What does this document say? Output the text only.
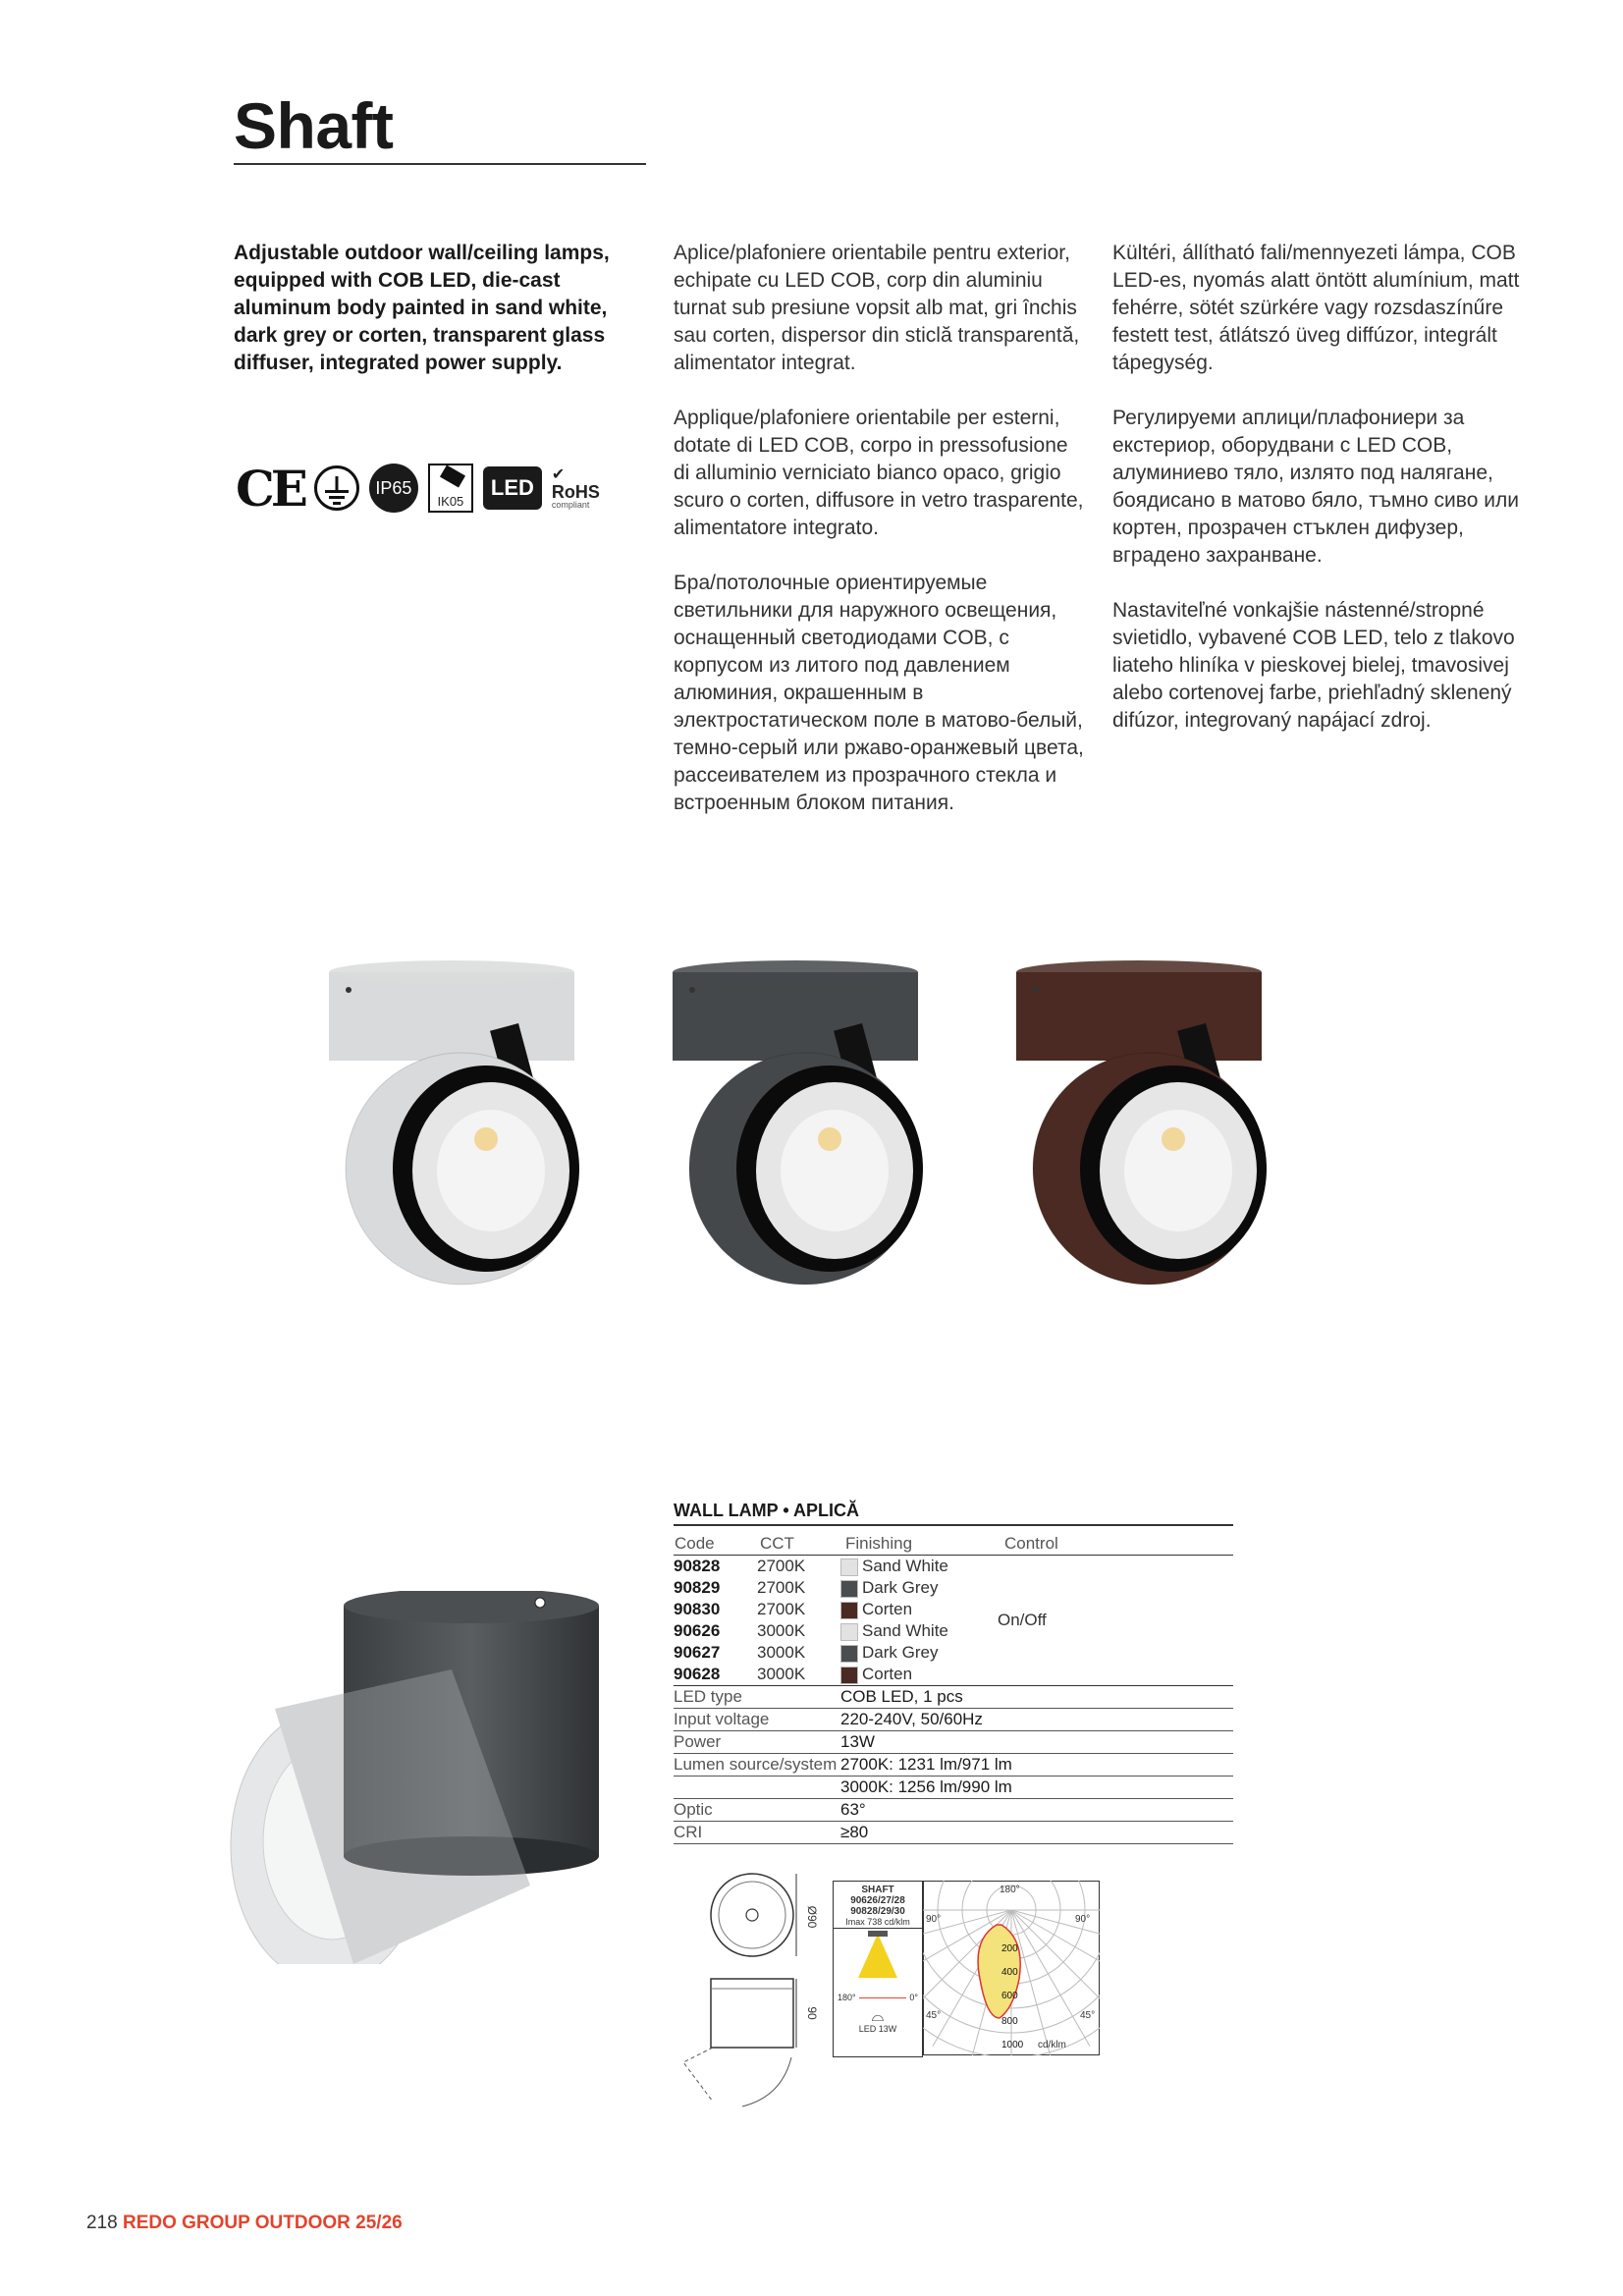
Shaft
Adjustable outdoor wall/ceiling lamps, equipped with COB LED, die-cast aluminum body painted in sand white, dark grey or corten, transparent glass diffuser, integrated power supply.

Aplice/plafoniere orientabile pentru exterior, echipate cu LED COB, corp din aluminiu turnat sub presiune vopsit alb mat, gri închis sau corten, dispersor din sticlă transparentă, alimentator integrat.

Applique/plafoniere orientabile per esterni, dotate di LED COB, corpo in pressofusione di alluminio verniciato bianco opaco, grigio scuro o corten, diffusore in vetro trasparente, alimentatore integrato.

Бра/потолочные ориентируемые светильники для наружного освещения, оснащенный светодиодами COB, с корпусом из литого под давлением алюминия, окрашенным в электростатическом поле в матово-белый, темно-серый или ржаво-оранжевый цвета, рассеивателем из прозрачного стекла и встроенным блоком питания.

Kültéri, állítható fali/mennyezeti lámpa, COB LED-es, nyomás alatt öntött alumínium, matt fehérre, sötét szürkére vagy rozsdaszínűre festett test, átlátszó üveg diffúzor, integrált tápegység.

Регулируеми аплици/плафониери за екстериор, оборудвани с LED COB, алуминиево тяло, излято под налягане, боядисано в матово бяло, тъмно сиво или кортен, прозрачен стъклен дифузер, вградено захранване.

Nastaviteľné vonkajšie nástenné/stropné svietidlo, vybavené COB LED, telo z tlakovo liateho hliníka v pieskovej bielej, tmavosivej alebo cortenovej farbe, priehľadný sklenený difúzor, integrovaný napájací zdroj.

CE	IP65
IK05
LED
✔
RoHS
compliant
WALL LAMP • APLICĂ
Code	CCT	Finishing	Control
90828	2700K	Sand White	On/Off
90829	2700K	Dark Grey	
90830	2700K	Corten	
90626	3000K	Sand White	
90627	3000K	Dark Grey	
90628	3000K	Corten	
LED type	COB LED, 1 pcs
Input voltage	220-240V, 50/60Hz
Power	13W
Lumen source/system	2700K: 1231 lm/971 lm
	3000K: 1256 lm/990 lm
Optic	63°
CRI	≥80
Ø90
90
SHAFT
90626/27/28
90828/29/30
Imax 738 cd/klm
180°	0°
⌓
LED 13W
180°
90°	90°
45°	45°
200
400
600
800
1000 cd/klm
218 REDO GROUP OUTDOOR 25/26
